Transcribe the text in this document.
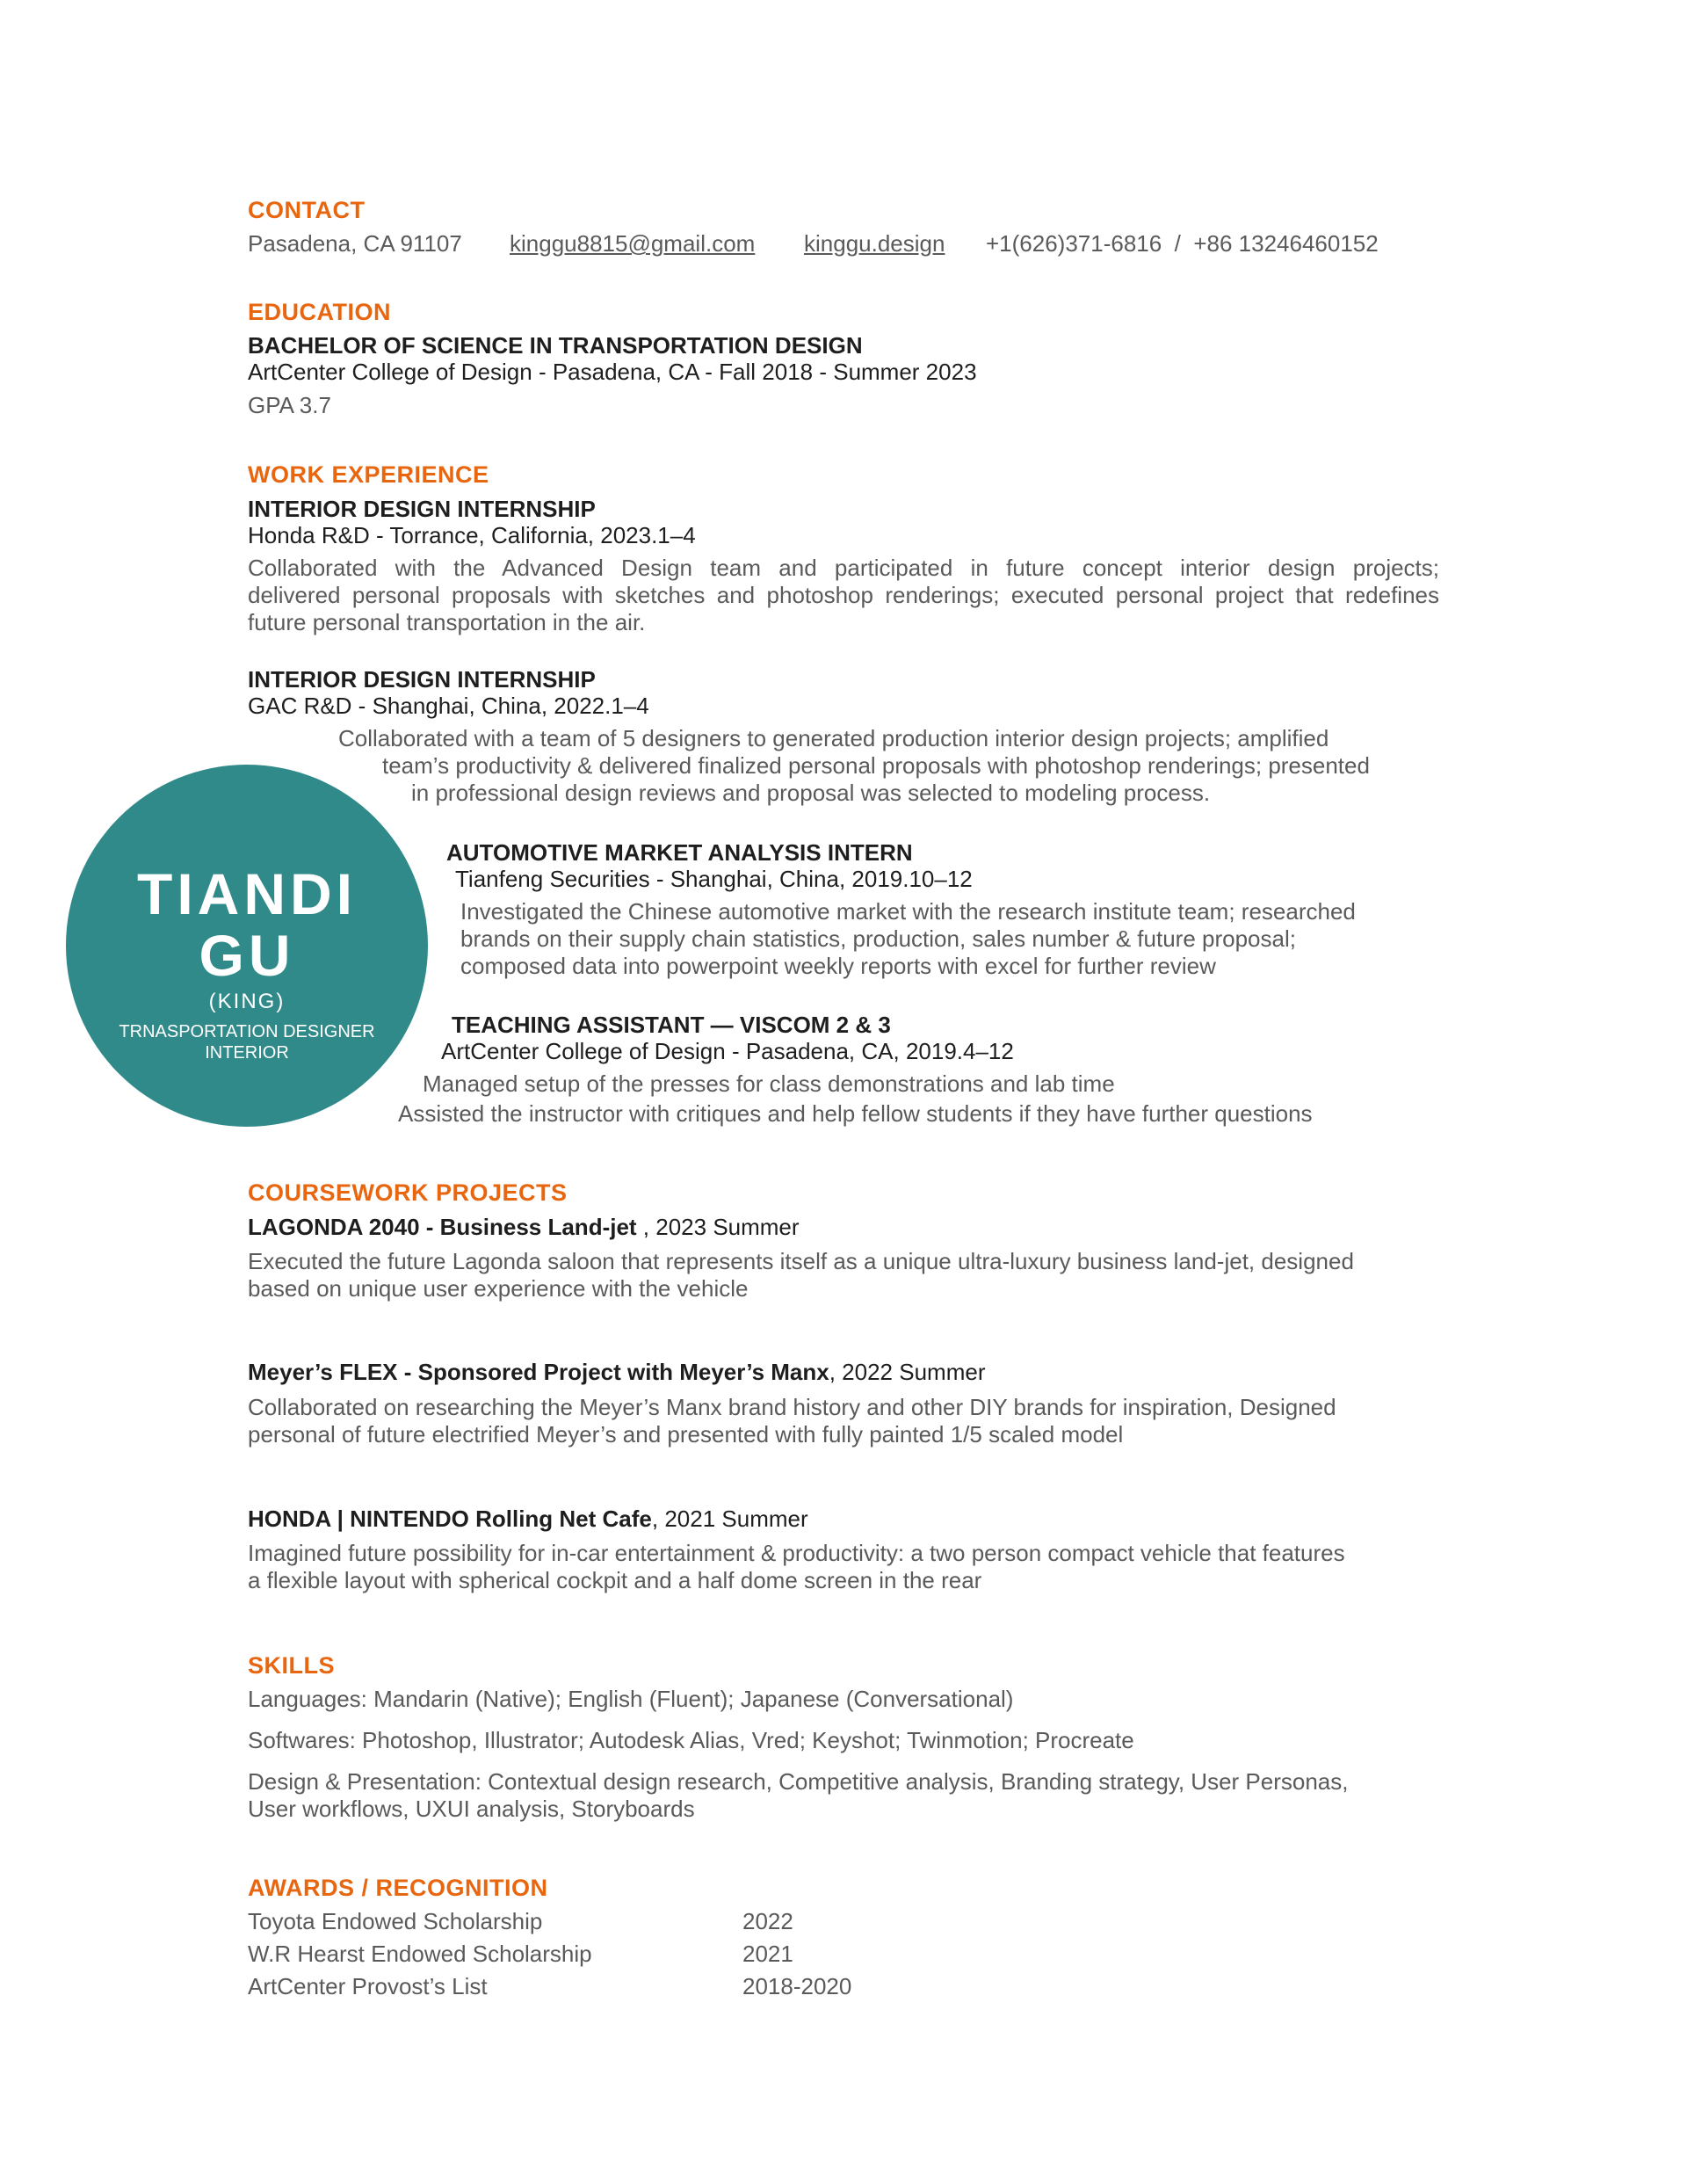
CONTACT
Pasadena, CA 91107 kinggu8815@gmail.com kinggu.design +1(626)371-6816  /  +86 13246460152
EDUCATION
BACHELOR OF SCIENCE IN TRANSPORTATION DESIGN
ArtCenter College of Design - Pasadena, CA - Fall 2018 - Summer 2023
GPA 3.7
WORK EXPERIENCE
INTERIOR DESIGN INTERNSHIP
Honda R&D - Torrance, California, 2023.1–4
Collaborated with the Advanced Design team and participated in future concept interior design projects;
delivered personal proposals with sketches and photoshop renderings; executed personal project that redefines
future personal transportation in the air.
INTERIOR DESIGN INTERNSHIP
GAC R&D - Shanghai, China, 2022.1–4
Collaborated with a team of 5 designers to generated production interior design projects; amplified
team’s productivity & delivered finalized personal proposals with photoshop renderings; presented
in professional design reviews and proposal was selected to modeling process.
AUTOMOTIVE MARKET ANALYSIS INTERN
Tianfeng Securities - Shanghai, China, 2019.10–12
Investigated the Chinese automotive market with the research institute team; researched
brands on their supply chain statistics, production, sales number & future proposal;
composed data into powerpoint weekly reports with excel for further review
TEACHING ASSISTANT — VISCOM 2 & 3
ArtCenter College of Design - Pasadena, CA, 2019.4–12
Managed setup of the presses for class demonstrations and lab time
Assisted the instructor with critiques and help fellow students if they have further questions
TIANDI
GU
(KING)
TRNASPORTATION DESIGNER
INTERIOR
COURSEWORK PROJECTS
LAGONDA 2040 - Business Land-jet , 2023 Summer
Executed the future Lagonda saloon that represents itself as a unique ultra-luxury business land-jet, designed
based on unique user experience with the vehicle
Meyer’s FLEX - Sponsored Project with Meyer’s Manx, 2022 Summer
Collaborated on researching the Meyer’s Manx brand history and other DIY brands for inspiration, Designed
personal of future electrified Meyer’s and presented with fully painted 1/5 scaled model
HONDA | NINTENDO Rolling Net Cafe, 2021 Summer
Imagined future possibility for in-car entertainment & productivity: a two person compact vehicle that features
a flexible layout with spherical cockpit and a half dome screen in the rear
SKILLS
Languages: Mandarin (Native); English (Fluent); Japanese (Conversational)
Softwares: Photoshop, Illustrator; Autodesk Alias, Vred; Keyshot; Twinmotion; Procreate
Design & Presentation: Contextual design research, Competitive analysis, Branding strategy, User Personas,
User workflows, UXUI analysis, Storyboards
AWARDS / RECOGNITION
Toyota Endowed Scholarship	2022
W.R Hearst Endowed Scholarship	2021
ArtCenter Provost’s List	2018-2020
